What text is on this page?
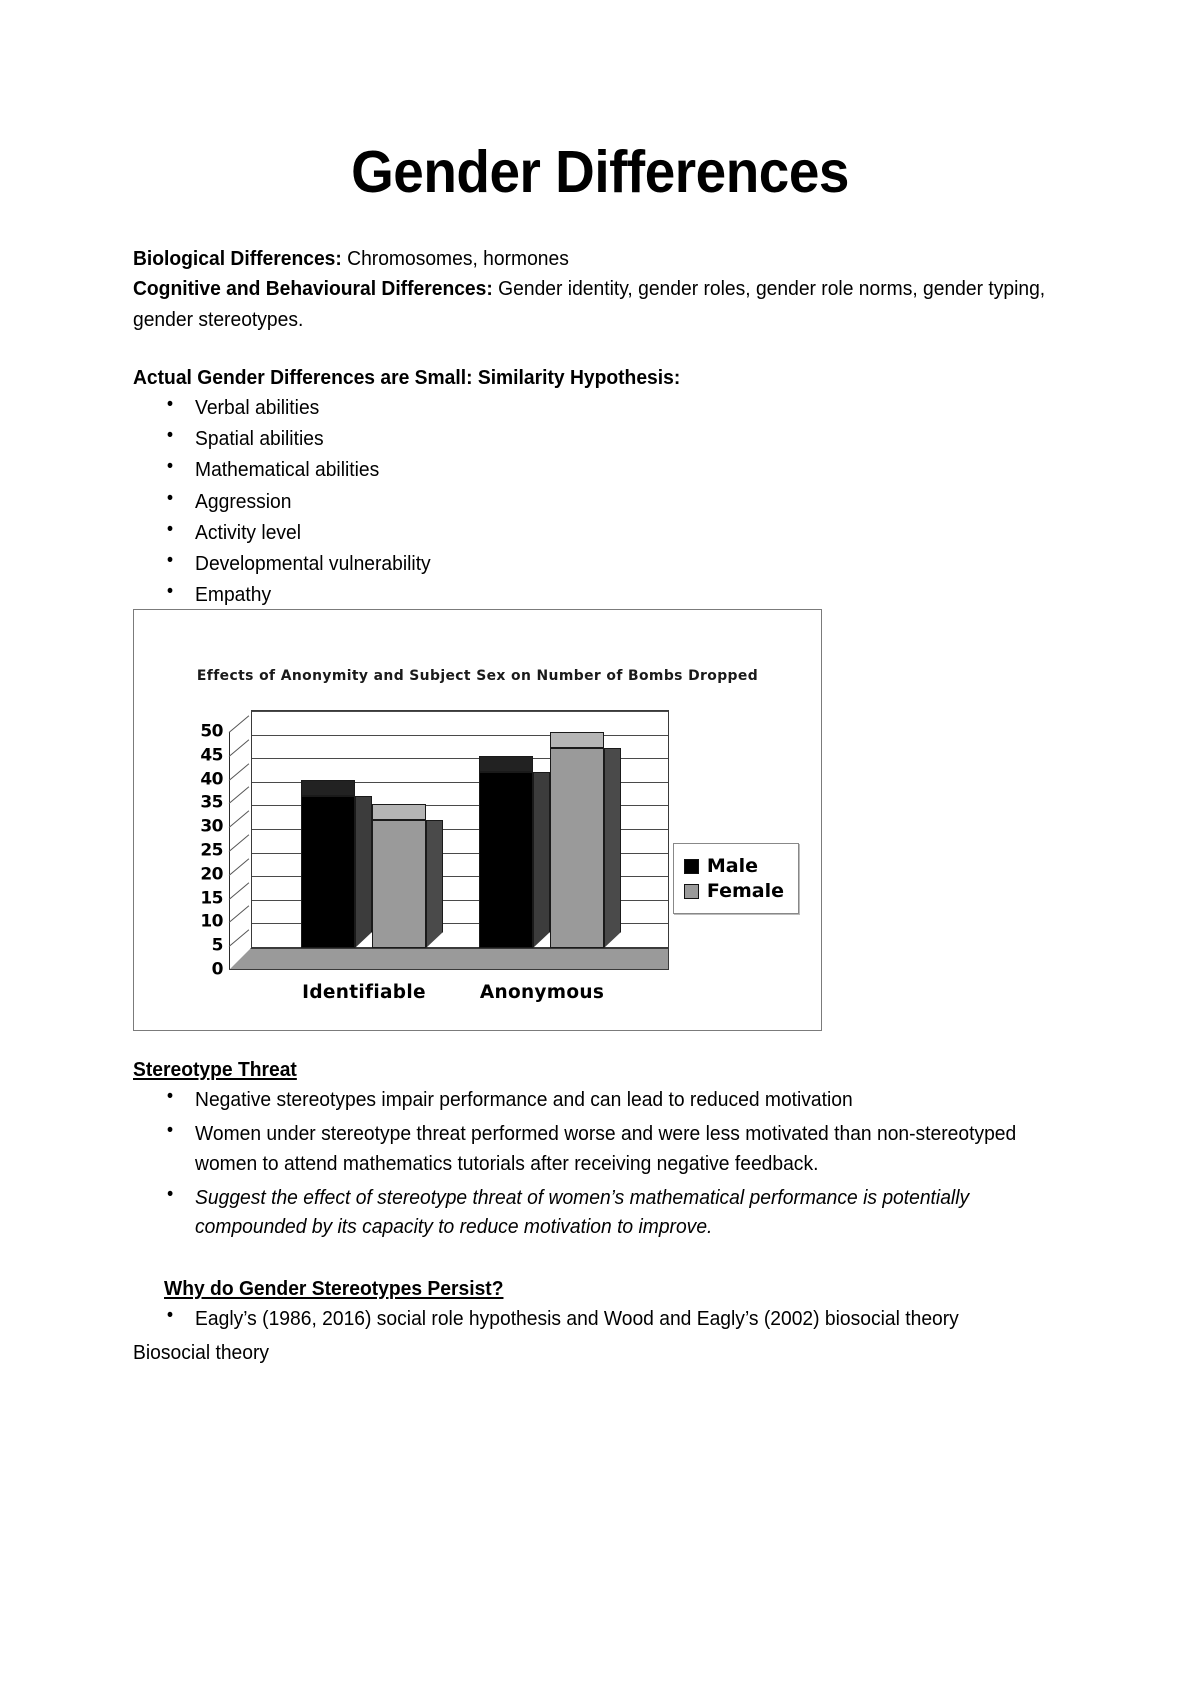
Gender Differences

Biological Differences: Chromosomes, hormones

Cognitive and Behavioural Differences: Gender identity, gender roles, gender role norms, gender typing, gender stereotypes.

Actual Gender Differences are Small: Similarity Hypothesis:

• Verbal abilities
• Spatial abilities
• Mathematical abilities
• Aggression
• Activity level
• Developmental vulnerability
• Empathy
Effects of Anonymity and Subject Sex on Number of Bombs Dropped
50
45
40
35
30
25
20
15
10
5
0
Identifiable	Anonymous
Male
Female

Stereotype Threat

• Negative stereotypes impair performance and can lead to reduced motivation
• Women under stereotype threat performed worse and were less motivated than non-stereotyped women to attend mathematics tutorials after receiving negative feedback.
• Suggest the effect of stereotype threat of women’s mathematical performance is potentially compounded by its capacity to reduce motivation to improve.

Why do Gender Stereotypes Persist?

• Eagly’s (1986, 2016) social role hypothesis and Wood and Eagly’s (2002) biosocial theory

Biosocial theory
